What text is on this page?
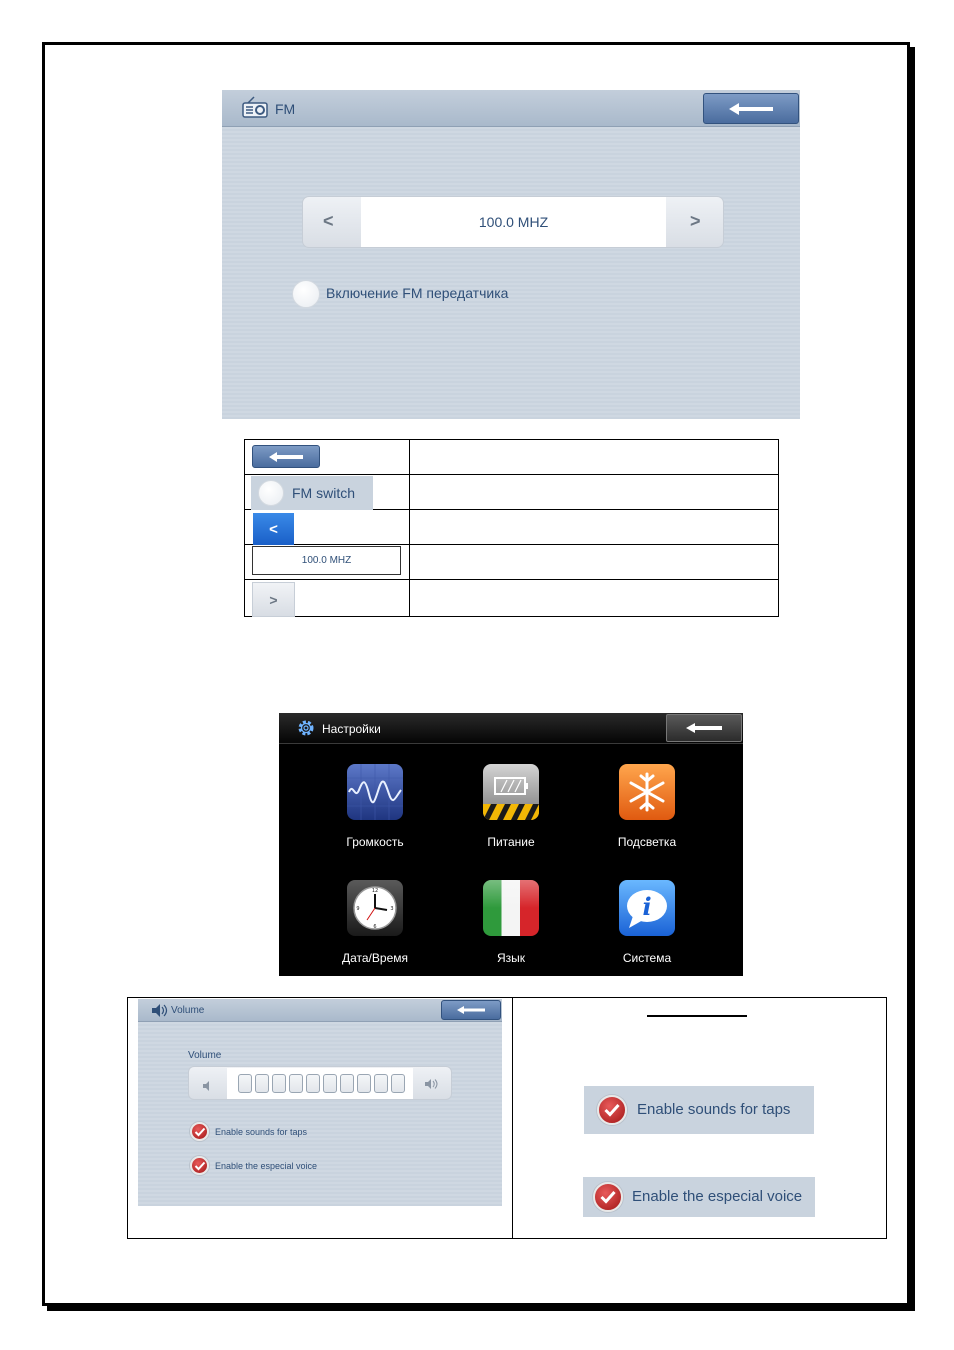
FM
<	100.0 MHZ	>
Включение FM передатчика

FM switch	

<	

100.0 MHZ	

>	

Настройки
Громкость	Питание	Подсветка
12
3
6
9
Дата/Время	Язык
i
Система
Volume
Volume
Enable sounds for taps
Enable the especial voice
Enable sounds for taps
Enable the especial voice
